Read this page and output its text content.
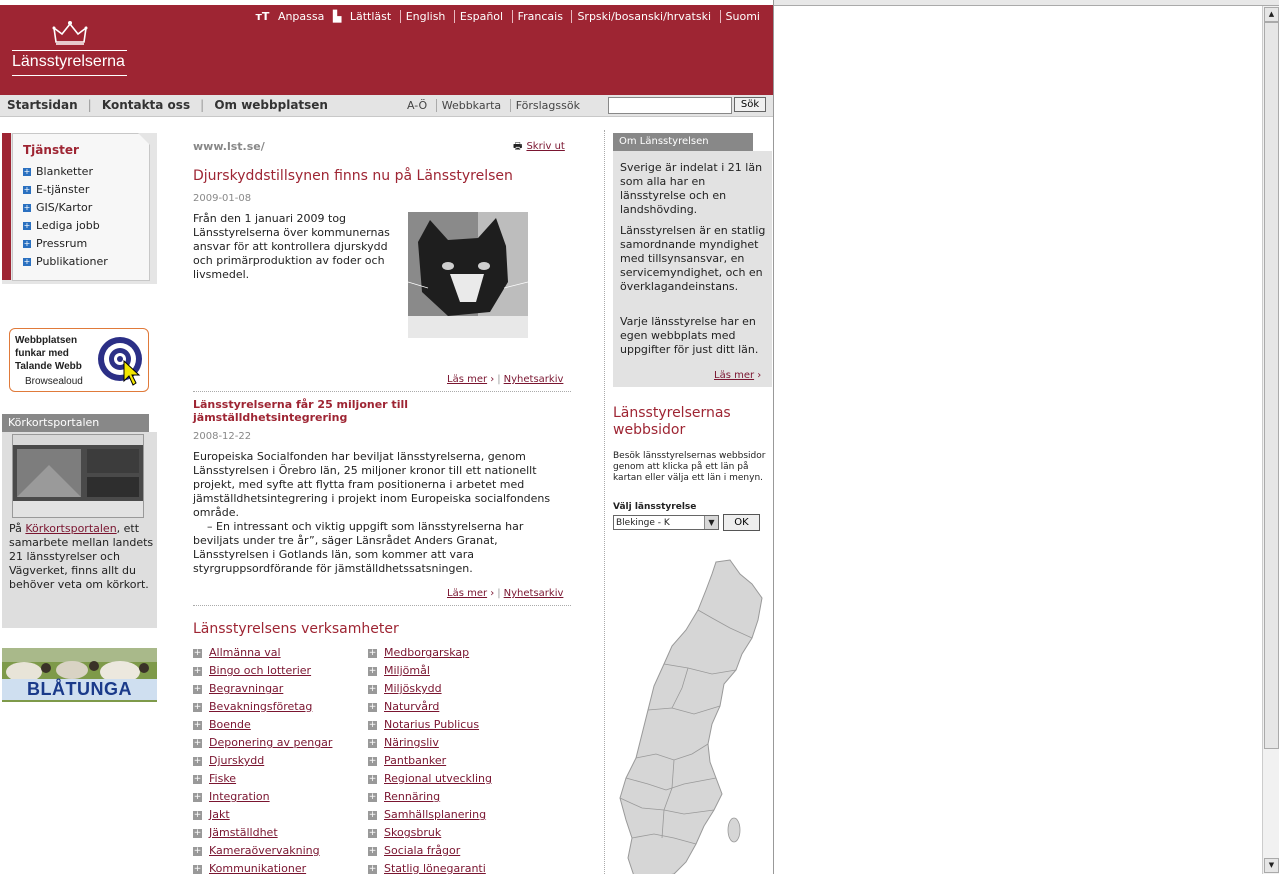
Länsstyrelserna
тТ Anpassa ▙ Lättläst English Español Francais Srpski/bosanski/hrvatski Suomi
Startsidan | Kontakta oss | Om webbplatsen	A-Ö Webbkarta Förslagssök	Sök
Tjänster
+ Blanketter
+ E-tjänster
+ GIS/Kartor
+ Lediga jobb
+ Pressrum
+ Publikationer
Webbplatsen
funkar med
Talande Webb
Browsealoud
Körkortsportalen
På Körkortsportalen, ett samarbete mellan landets 21 länsstyrelser och Vägverket, finns allt du behöver veta om körkort.
BLÅTUNGA
www.lst.se/	🖶 Skriv ut
Djurskyddstillsynen finns nu på Länsstyrelsen
2009-01-08
Från den 1 januari 2009 tog Länsstyrelserna över kommunernas ansvar för att kontrollera djurskydd och primärproduktion av foder och livsmedel.
Läs mer › | Nyhetsarkiv
Länsstyrelserna får 25 miljoner till jämställdhetsintegrering
2008-12-22
Europeiska Socialfonden har beviljat länsstyrelserna, genom Länsstyrelsen i Örebro län, 25 miljoner kronor till ett nationellt projekt, med syfte att flytta fram positionerna i arbetet med jämställdhetsintegrering i projekt inom Europeiska socialfondens område.
– En intressant och viktig uppgift som länsstyrelserna har beviljats under tre år”, säger Länsrådet Anders Granat, Länsstyrelsen i Gotlands län, som kommer att vara styrgruppsordförande för jämställdhetssatsningen.
Läs mer › | Nyhetsarkiv
Länsstyrelsens verksamheter
+ Allmänna val
+ Bingo och lotterier
+ Begravningar
+ Bevakningsföretag
+ Boende
+ Deponering av pengar
+ Djurskydd
+ Fiske
+ Integration
+ Jakt
+ Jämställdhet
+ Kameraövervakning
+ Kommunikationer
+ Medborgarskap
+ Miljömål
+ Miljöskydd
+ Naturvård
+ Notarius Publicus
+ Näringsliv
+ Pantbanker
+ Regional utveckling
+ Rennäring
+ Samhällsplanering
+ Skogsbruk
+ Sociala frågor
+ Statlig lönegaranti
Om Länsstyrelsen
Sverige är indelat i 21 län som alla har en länsstyrelse och en landshövding.
Länsstyrelsen är en statlig samordnande myndighet med tillsynsansvar, en servicemyndighet, och en överklagandeinstans.
Varje länsstyrelse har en egen webbplats med uppgifter för just ditt län.
Läs mer ›
Länsstyrelsernas webbsidor
Besök länsstyrelsernas webbsidor genom att klicka på ett län på kartan eller välja ett län i menyn.
Välj länsstyrelse
Blekinge - K	▼	OK
▲
▼
